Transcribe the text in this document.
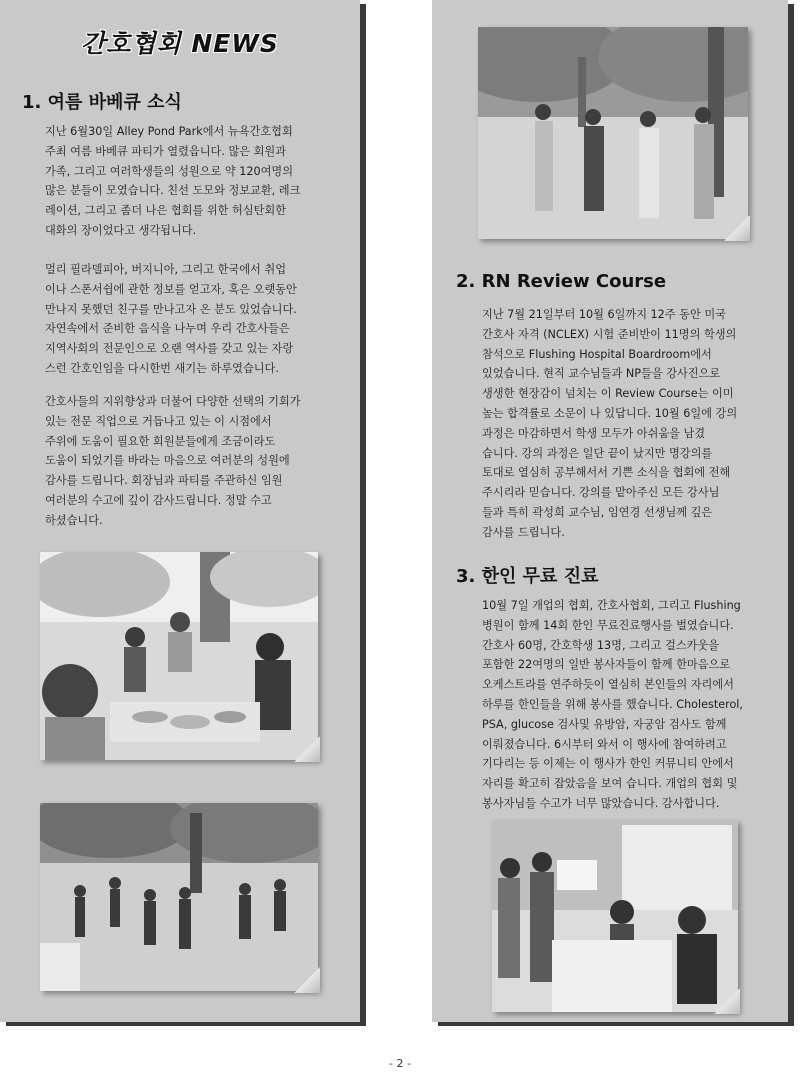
간호협회 NEWS
1. 여름 바베큐 소식
지난 6월30일 Alley Pond Park에서 뉴욕간호협회
주최 여름 바베큐 파티가 열렸읍니다. 많은 회원과
가족, 그리고 여러학생들의 성원으로 약 120여명의
많은 분들이 모였습니다. 친선 도모와 정보교환, 레크
레이션, 그리고 좀더 나은 협회를 위한 허심탄회한
대화의 장이었다고 생각됩니다.
멀리 필라델피아, 버지니아, 그리고 한국에서 취업
이나 스폰서쉽에 관한 정보를 얻고자, 혹은 오랫동안
만나지 못했던 친구를 만나고자 온 분도 있었습니다.
자연속에서 준비한 음식을 나누며 우리 간호사들은
지역사회의 전문인으로 오랜 역사를 갖고 있는 자랑
스런 간호인임을 다시한번 새기는 하루였습니다.
간호사들의 지위향상과 더불어 다양한 선택의 기회가
있는 전문 직업으로 거듭나고 있는 이 시점에서
주위에 도움이 필요한 회원분들에게 조금이라도
도움이 되었기를 바라는 마음으로 여러분의 성원에
감사를 드립니다. 회장님과 파티를 주관하신 임원
여러분의 수고에 깊이 감사드립니다. 정말 수고
하셨습니다.
2. RN Review Course
지난 7월 21일부터 10월 6일까지 12주 동안 미국
간호사 자격 (NCLEX) 시험 준비반이 11명의 학생의
참석으로 Flushing Hospital Boardroom에서
있었습니다. 현직 교수님들과 NP들을 강사진으로
생생한 현장감이 넘치는 이 Review Course는 이미
높는 합격률로 소문이 나 있답니다. 10월 6일에 강의
과정은 마감하면서 학생 모두가 아쉬움을 남겼
습니다. 강의 과정은 일단 끝이 났지만 명강의를
토대로 열심히 공부해서서 기쁜 소식을 협회에 전해
주시리라 믿습니다. 강의를 맡아주신 모든 강사님
들과 특히 곽성희 교수님, 임연경 선생님께 깊은
감사를 드립니다.
3. 한인 무료 진료
10월 7일 개업의 협회, 간호사협회, 그리고 Flushing
병원이 함께 14회 한인 무료진료행사를 벌였습니다.
간호사 60명, 간호학생 13명, 그리고 걸스카웃을
포함한 22여명의 일반 봉사자들이 함께 한마음으로
오케스트라를 연주하듯이 열심히 본인들의 자리에서
하루를 한인들을 위해 봉사를 했습니다. Cholesterol,
PSA, glucose 검사및 유방암, 자궁암 검사도 함께
이뤄졌습니다. 6시부터 와서 이 행사에 참여하려고
기다리는 등 이제는 이 행사가 한인 커뮤니티 안에서
자리를 확고히 잡았음을 보여 습니다. 개업의 협회 및
봉사자님들 수고가 너무 많았습니다. 감사합니다.
- 2 -
